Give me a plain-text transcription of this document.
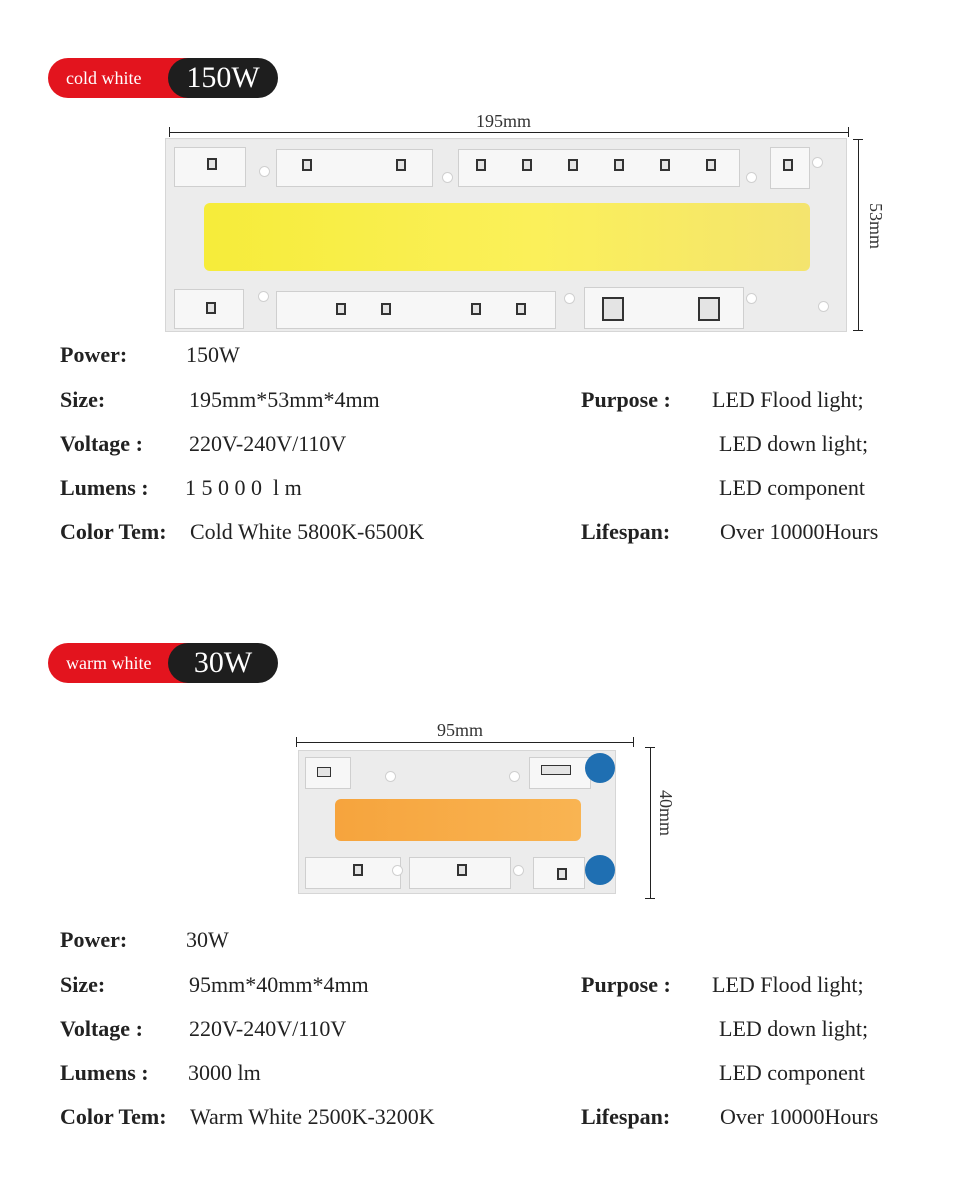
cold white	150W
195mm
53mm
Power:	150W
Size:	195mm*53mm*4mm
Voltage : 220V-240V/110V
Lumens : 1 5 0 0 0  l m
Color Tem: Cold White 5800K-6500K
Purpose : LED Flood light;
LED down light;
LED component
Lifespan: Over 10000Hours
warm white	30W
95mm
40mm
Power:	30W
Size:	95mm*40mm*4mm
Voltage : 220V-240V/110V
Lumens : 3000 lm
Color Tem: Warm White 2500K-3200K
Purpose : LED Flood light;
LED down light;
LED component
Lifespan: Over 10000Hours
